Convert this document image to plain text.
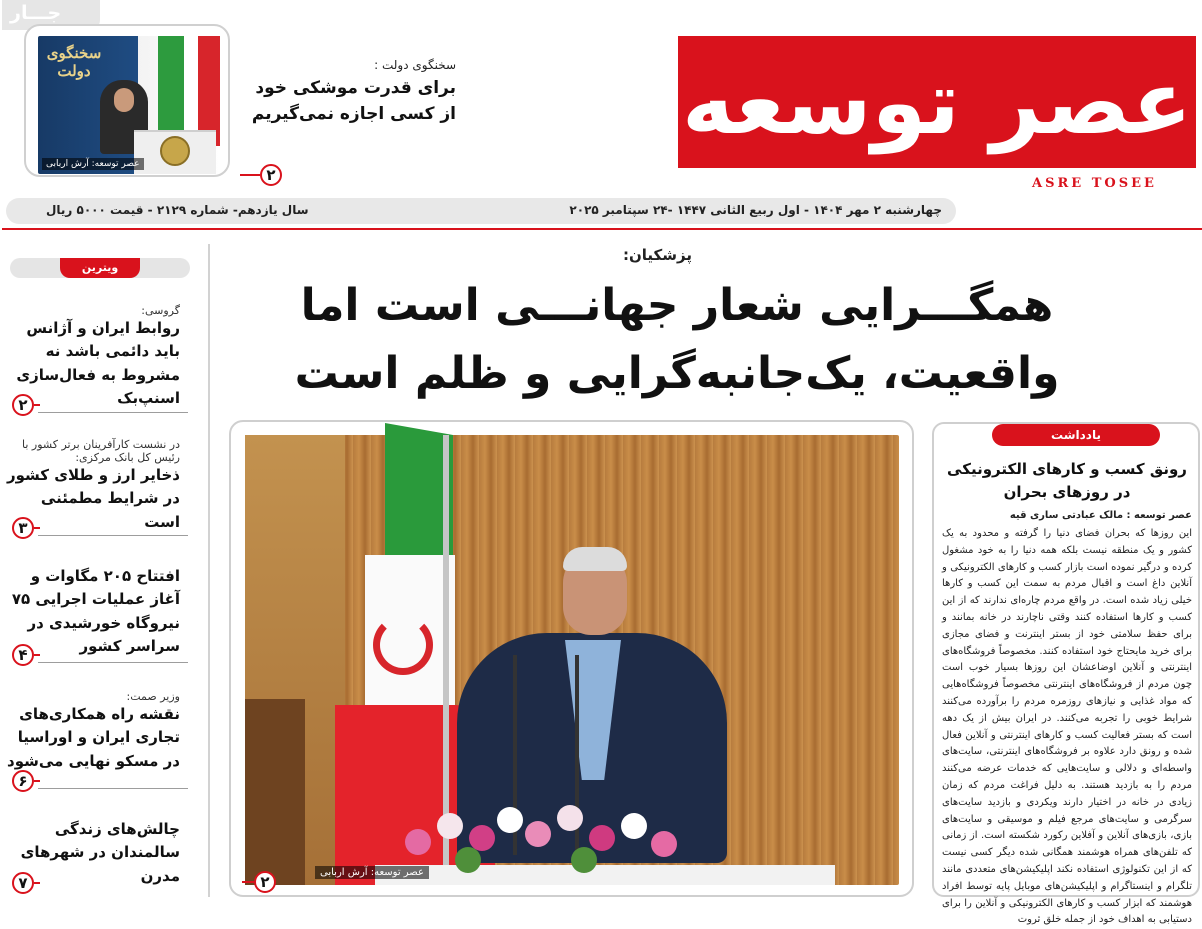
جـــار
عصر توسعه
ASRE TOSEE
سخنگوی دولت
عصر توسعه: آرش اربابی
سخنگوی دولت :
برای قدرت موشکی خود از کسی اجازه نمی‌گیریم
۲
چهارشنبه ۲ مهر ۱۴۰۴ - اول ربیع الثانی ۱۴۴۷ -۲۴ سپتامبر ۲۰۲۵
سال یازدهم- شماره ۲۱۲۹ - قیمت ۵۰۰۰ ریال
ویترین
گروسی:
روابط ایران و آژانس باید دائمی باشد نه مشروط به فعال‌سازی اسنپ‌بک
۲
در نشست کارآفرینان برتر کشور با رئیس کل بانک مرکزی:
ذخایر ارز و طلای کشور در شرایط مطمئنی است
۳
افتتاح ۲۰۵ مگاوات و آغاز عملیات اجرایی ۷۵ نیروگاه خورشیدی در سراسر کشور
۴
وزیر صمت:
نقشه راه همکاری‌های تجاری ایران و اوراسیا در مسکو نهایی می‌شود
۶
چالش‌های زندگی سالمندان در شهرهای مدرن
۷
پزشکیان:
همگـــرایی شعار جهانـــی است اما واقعیت، یک‌جانبه‌گرایی و ظلم است
عصر توسعه: آرش اربابی
۲
یادداشت
رونق کسب و کارهای الکترونیکی در روزهای بحران
عصر توسعه : مالک عبادتی ساری قیه
این روزها که بحران فضای دنیا را گرفته و محدود به یک کشور و یک منطقه نیست بلکه همه دنیا را به خود مشغول کرده و درگیر نموده است بازار کسب و کارهای الکترونیکی و آنلاین داغ است و اقبال مردم به سمت این کسب و کارها خیلی زیاد شده است. در واقع مردم چاره‌ای ندارند که از این کسب و کارها استفاده کنند وقتی ناچارند در خانه بمانند و برای حفظ سلامتی خود از بستر اینترنت و فضای مجازی برای خرید مایحتاج خود استفاده کنند. مخصوصاً فروشگاه‌های اینترنتی و آنلاین اوضاعشان این روزها بسیار خوب است چون مردم از فروشگاه‌های اینترنتی مخصوصاً فروشگاه‌هایی که مواد غذایی و نیازهای روزمره مردم را برآورده می‌کنند شرایط خوبی را تجربه می‌کنند. در ایران بیش از یک دهه است که بستر فعالیت کسب و کارهای اینترنتی و آنلاین فعال شده و رونق دارد علاوه بر فروشگاه‌های اینترنتی، سایت‌های واسطه‌ای و دلالی و سایت‌هایی که خدمات عرضه می‌کنند مردم را به بازدید هستند. به دلیل فراغت مردم که زمان زیادی در خانه در اختیار دارند ویکردی و بازدید سایت‌های سرگرمی و سایت‌های مرجع فیلم و موسیقی و سایت‌های بازی، بازی‌های آنلاین و آفلاین رکورد شکسته است. از زمانی که تلفن‌های همراه هوشمند همگانی شده دیگر کسی نیست که از این تکنولوژی استفاده نکند اپلیکیشن‌های متعددی مانند تلگرام و اینستاگرام و اپلیکیشن‌های موبایل پایه توسط افراد هوشمند که ابزار کسب و کارهای الکترونیکی و آنلاین را برای دستیابی به اهداف خود از جمله خلق ثروت
